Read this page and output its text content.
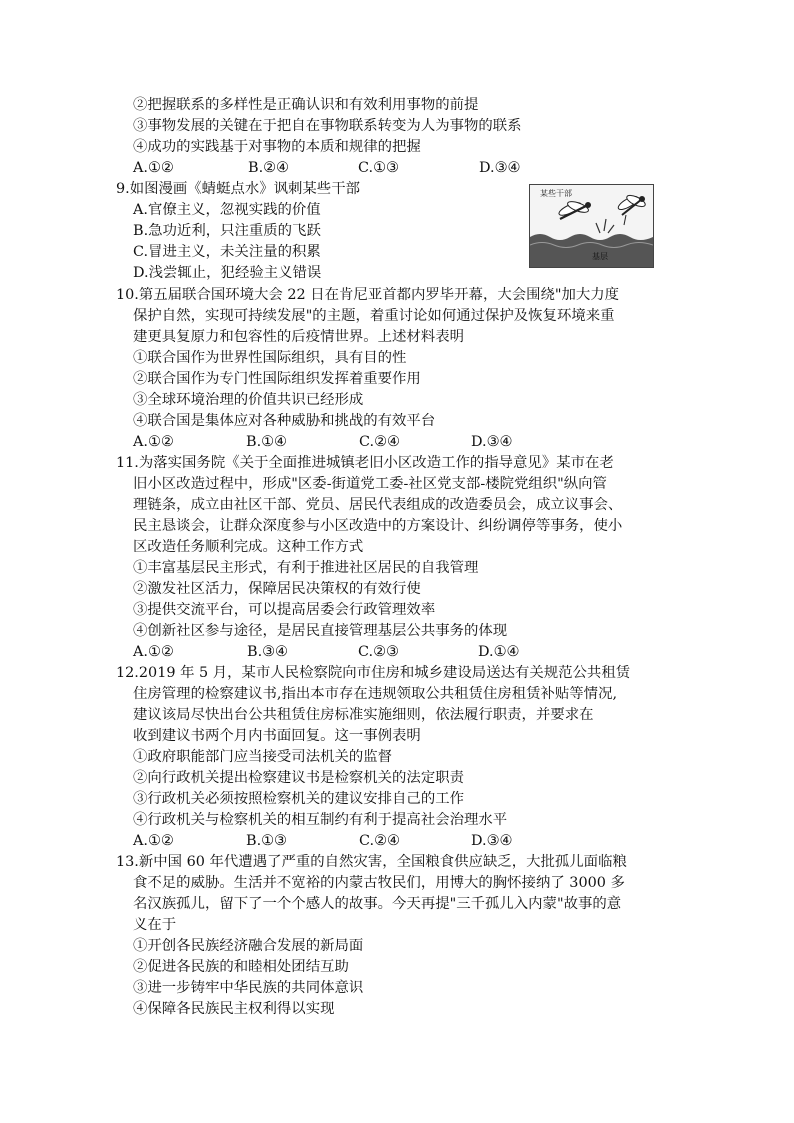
②把握联系的多样性是正确认识和有效利用事物的前提
③事物发展的关键在于把自在事物联系转变为人为事物的联系
④成功的实践基于对事物的本质和规律的把握
A.①②	B.②④	C.①③	D.③④
9.如图漫画《蜻蜓点水》讽刺某些干部
A.官僚主义，忽视实践的价值
B.急功近利，只注重质的飞跃
C.冒进主义，未关注量的积累
D.浅尝辄止，犯经验主义错误
某些干部
基层
10.第五届联合国环境大会 22 日在肯尼亚首都内罗毕开幕，大会围绕"加大力度
保护自然，实现可持续发展"的主题，着重讨论如何通过保护及恢复环境来重
建更具复原力和包容性的后疫情世界。上述材料表明
①联合国作为世界性国际组织，具有目的性
②联合国作为专门性国际组织发挥着重要作用
③全球环境治理的价值共识已经形成
④联合国是集体应对各种威胁和挑战的有效平台
A.①②	B.①④	C.②④	D.③④
11.为落实国务院《关于全面推进城镇老旧小区改造工作的指导意见》某市在老
旧小区改造过程中，形成"区委-街道党工委-社区党支部-楼院党组织"纵向管
理链条，成立由社区干部、党员、居民代表组成的改造委员会，成立议事会、
民主恳谈会，让群众深度参与小区改造中的方案设计、纠纷调停等事务，使小
区改造任务顺利完成。这种工作方式
①丰富基层民主形式，有利于推进社区居民的自我管理
②激发社区活力，保障居民决策权的有效行使
③提供交流平台，可以提高居委会行政管理效率
④创新社区参与途径，是居民直接管理基层公共事务的体现
A.①②	B.③④	C.②③	D.①④
12.2019 年 5 月，某市人民检察院向市住房和城乡建设局送达有关规范公共租赁
住房管理的检察建议书,指出本市存在违规领取公共租赁住房租赁补贴等情况,
建议该局尽快出台公共租赁住房标准实施细则，依法履行职责，并要求在
收到建议书两个月内书面回复。这一事例表明
①政府职能部门应当接受司法机关的监督
②向行政机关提出检察建议书是检察机关的法定职责
③行政机关必须按照检察机关的建议安排自己的工作
④行政机关与检察机关的相互制约有利于提高社会治理水平
A.①②	B.①③	C.②④	D.③④
13.新中国 60 年代遭遇了严重的自然灾害，全国粮食供应缺乏，大批孤儿面临粮
食不足的威胁。生活并不宽裕的内蒙古牧民们，用博大的胸怀接纳了 3000 多
名汉族孤儿，留下了一个个感人的故事。今天再提"三千孤儿入内蒙"故事的意
义在于
①开创各民族经济融合发展的新局面
②促进各民族的和睦相处团结互助
③进一步铸牢中华民族的共同体意识
④保障各民族民主权利得以实现
